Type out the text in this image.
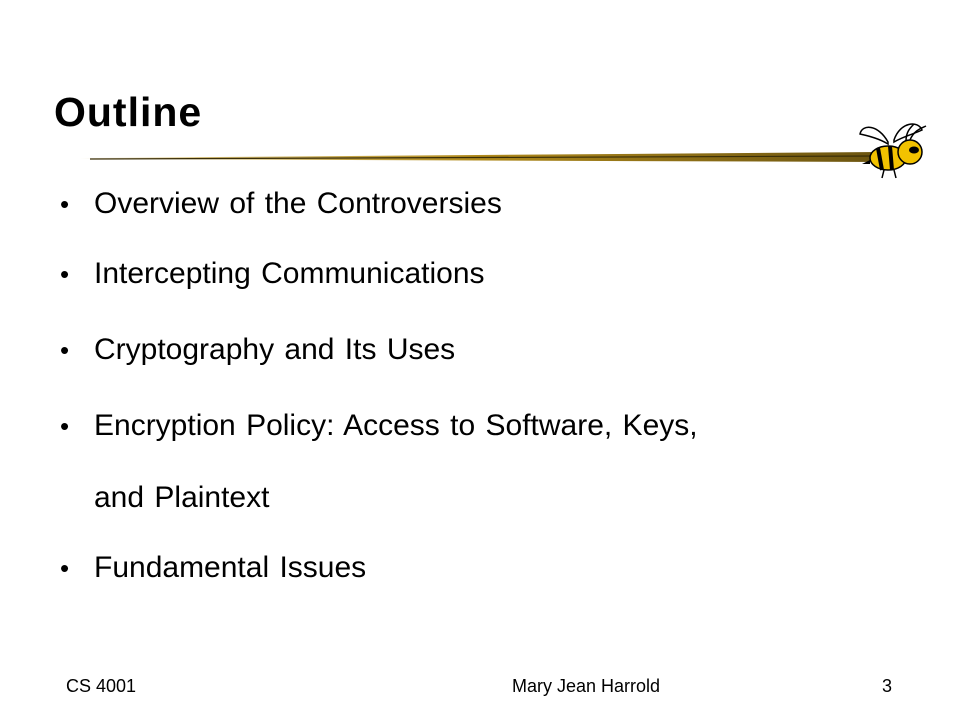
Outline
• Overview of the Controversies
• Intercepting Communications
• Cryptography and Its Uses
• Encryption Policy: Access to Software, Keys,
and Plaintext
• Fundamental Issues
CS 4001	Mary Jean Harrold	3
